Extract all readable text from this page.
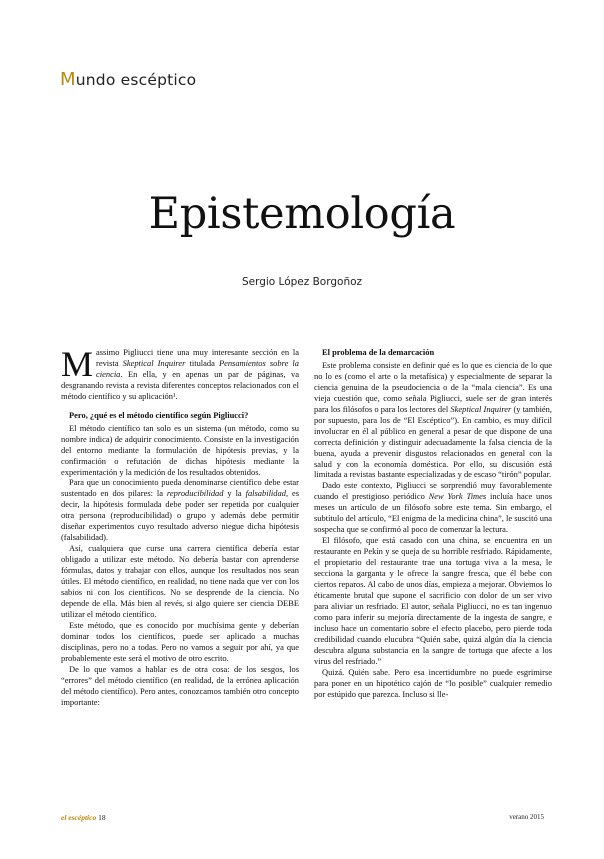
Mundo escéptico
Epistemología
Sergio López Borgoñoz

Massimo Pigliucci tiene una muy interesante sección en la revista Skeptical Inquirer titulada Pensamientos sobre la ciencia. En ella, y en apenas un par de páginas, va desgranando revista a revista diferentes conceptos relacionados con el método científico y su aplicación¹.

Pero, ¿qué es el método científico según Pigliucci?

El método científico tan solo es un sistema (un método, como su nombre indica) de adquirir conocimiento. Consiste en la investigación del entorno mediante la formulación de hipótesis previas, y la confirmación o refutación de dichas hipótesis mediante la experimentación y la medición de los resultados obtenidos.

Para que un conocimiento pueda denominarse científico debe estar sustentado en dos pilares: la reproducibilidad y la falsabilidad, es decir, la hipótesis formulada debe poder ser repetida por cualquier otra persona (reproducibilidad) o grupo y además debe permitir diseñar experimentos cuyo resultado adverso niegue dicha hipótesis (falsabilidad).

Así, cualquiera que curse una carrera científica debería estar obligado a utilizar este método. No debería bastar con aprenderse fórmulas, datos y trabajar con ellos, aunque los resultados nos sean útiles. El método científico, en realidad, no tiene nada que ver con los sabios ni con los científicos. No se desprende de la ciencia. No depende de ella. Más bien al revés, si algo quiere ser ciencia DEBE utilizar el método científico.

Este método, que es conocido por muchísima gente y deberían dominar todos los científicos, puede ser aplicado a muchas disciplinas, pero no a todas. Pero no vamos a seguir por ahí, ya que probablemente este será el motivo de otro escrito.

De lo que vamos a hablar es de otra cosa: de los sesgos, los “errores” del método científico (en realidad, de la errónea aplicación del método científico). Pero antes, conozcamos también otro concepto importante:

El problema de la demarcación

Este problema consiste en definir qué es lo que es ciencia de lo que no lo es (como el arte o la metafísica) y especialmente de separar la ciencia genuina de la pseudociencia o de la “mala ciencia”. Es una vieja cuestión que, como señala Pigliucci, suele ser de gran interés para los filósofos o para los lectores del Skeptical Inquirer (y también, por supuesto, para los de “El Escéptico”). En cambio, es muy difícil involucrar en él al público en general a pesar de que dispone de una correcta definición y distinguir adecuadamente la falsa ciencia de la buena, ayuda a prevenir disgustos relacionados en general con la salud y con la economía doméstica. Por ello, su discusión está limitada a revistas bastante especializadas y de escaso “tirón” popular.

Dado este contexto, Pigliucci se sorprendió muy favorablemente cuando el prestigioso periódico New York Times incluía hace unos meses un artículo de un filósofo sobre este tema. Sin embargo, el subtítulo del artículo, “El enigma de la medicina china”, le suscitó una sospecha que se confirmó al poco de comenzar la lectura.

El filósofo, que está casado con una china, se encuentra en un restaurante en Pekín y se queja de su horrible resfriado. Rápidamente, el propietario del restaurante trae una tortuga viva a la mesa, le secciona la garganta y le ofrece la sangre fresca, que él bebe con ciertos reparos. Al cabo de unos días, empieza a mejorar. Obviemos lo éticamente brutal que supone el sacrificio con dolor de un ser vivo para aliviar un resfriado. El autor, señala Pigliucci, no es tan ingenuo como para inferir su mejoría directamente de la ingesta de sangre, e incluso hace un comentario sobre el efecto placebo, pero pierde toda credibilidad cuando elucubra “Quién sabe, quizá algún día la ciencia descubra alguna substancia en la sangre de tortuga que afecte a los virus del resfriado.”

Quizá. Quién sabe. Pero esa incertidumbre no puede esgrimirse para poner en un hipotético cajón de “lo posible” cualquier remedio por estúpido que parezca. Incluso si lle-

el escéptico 18	verano 2015
